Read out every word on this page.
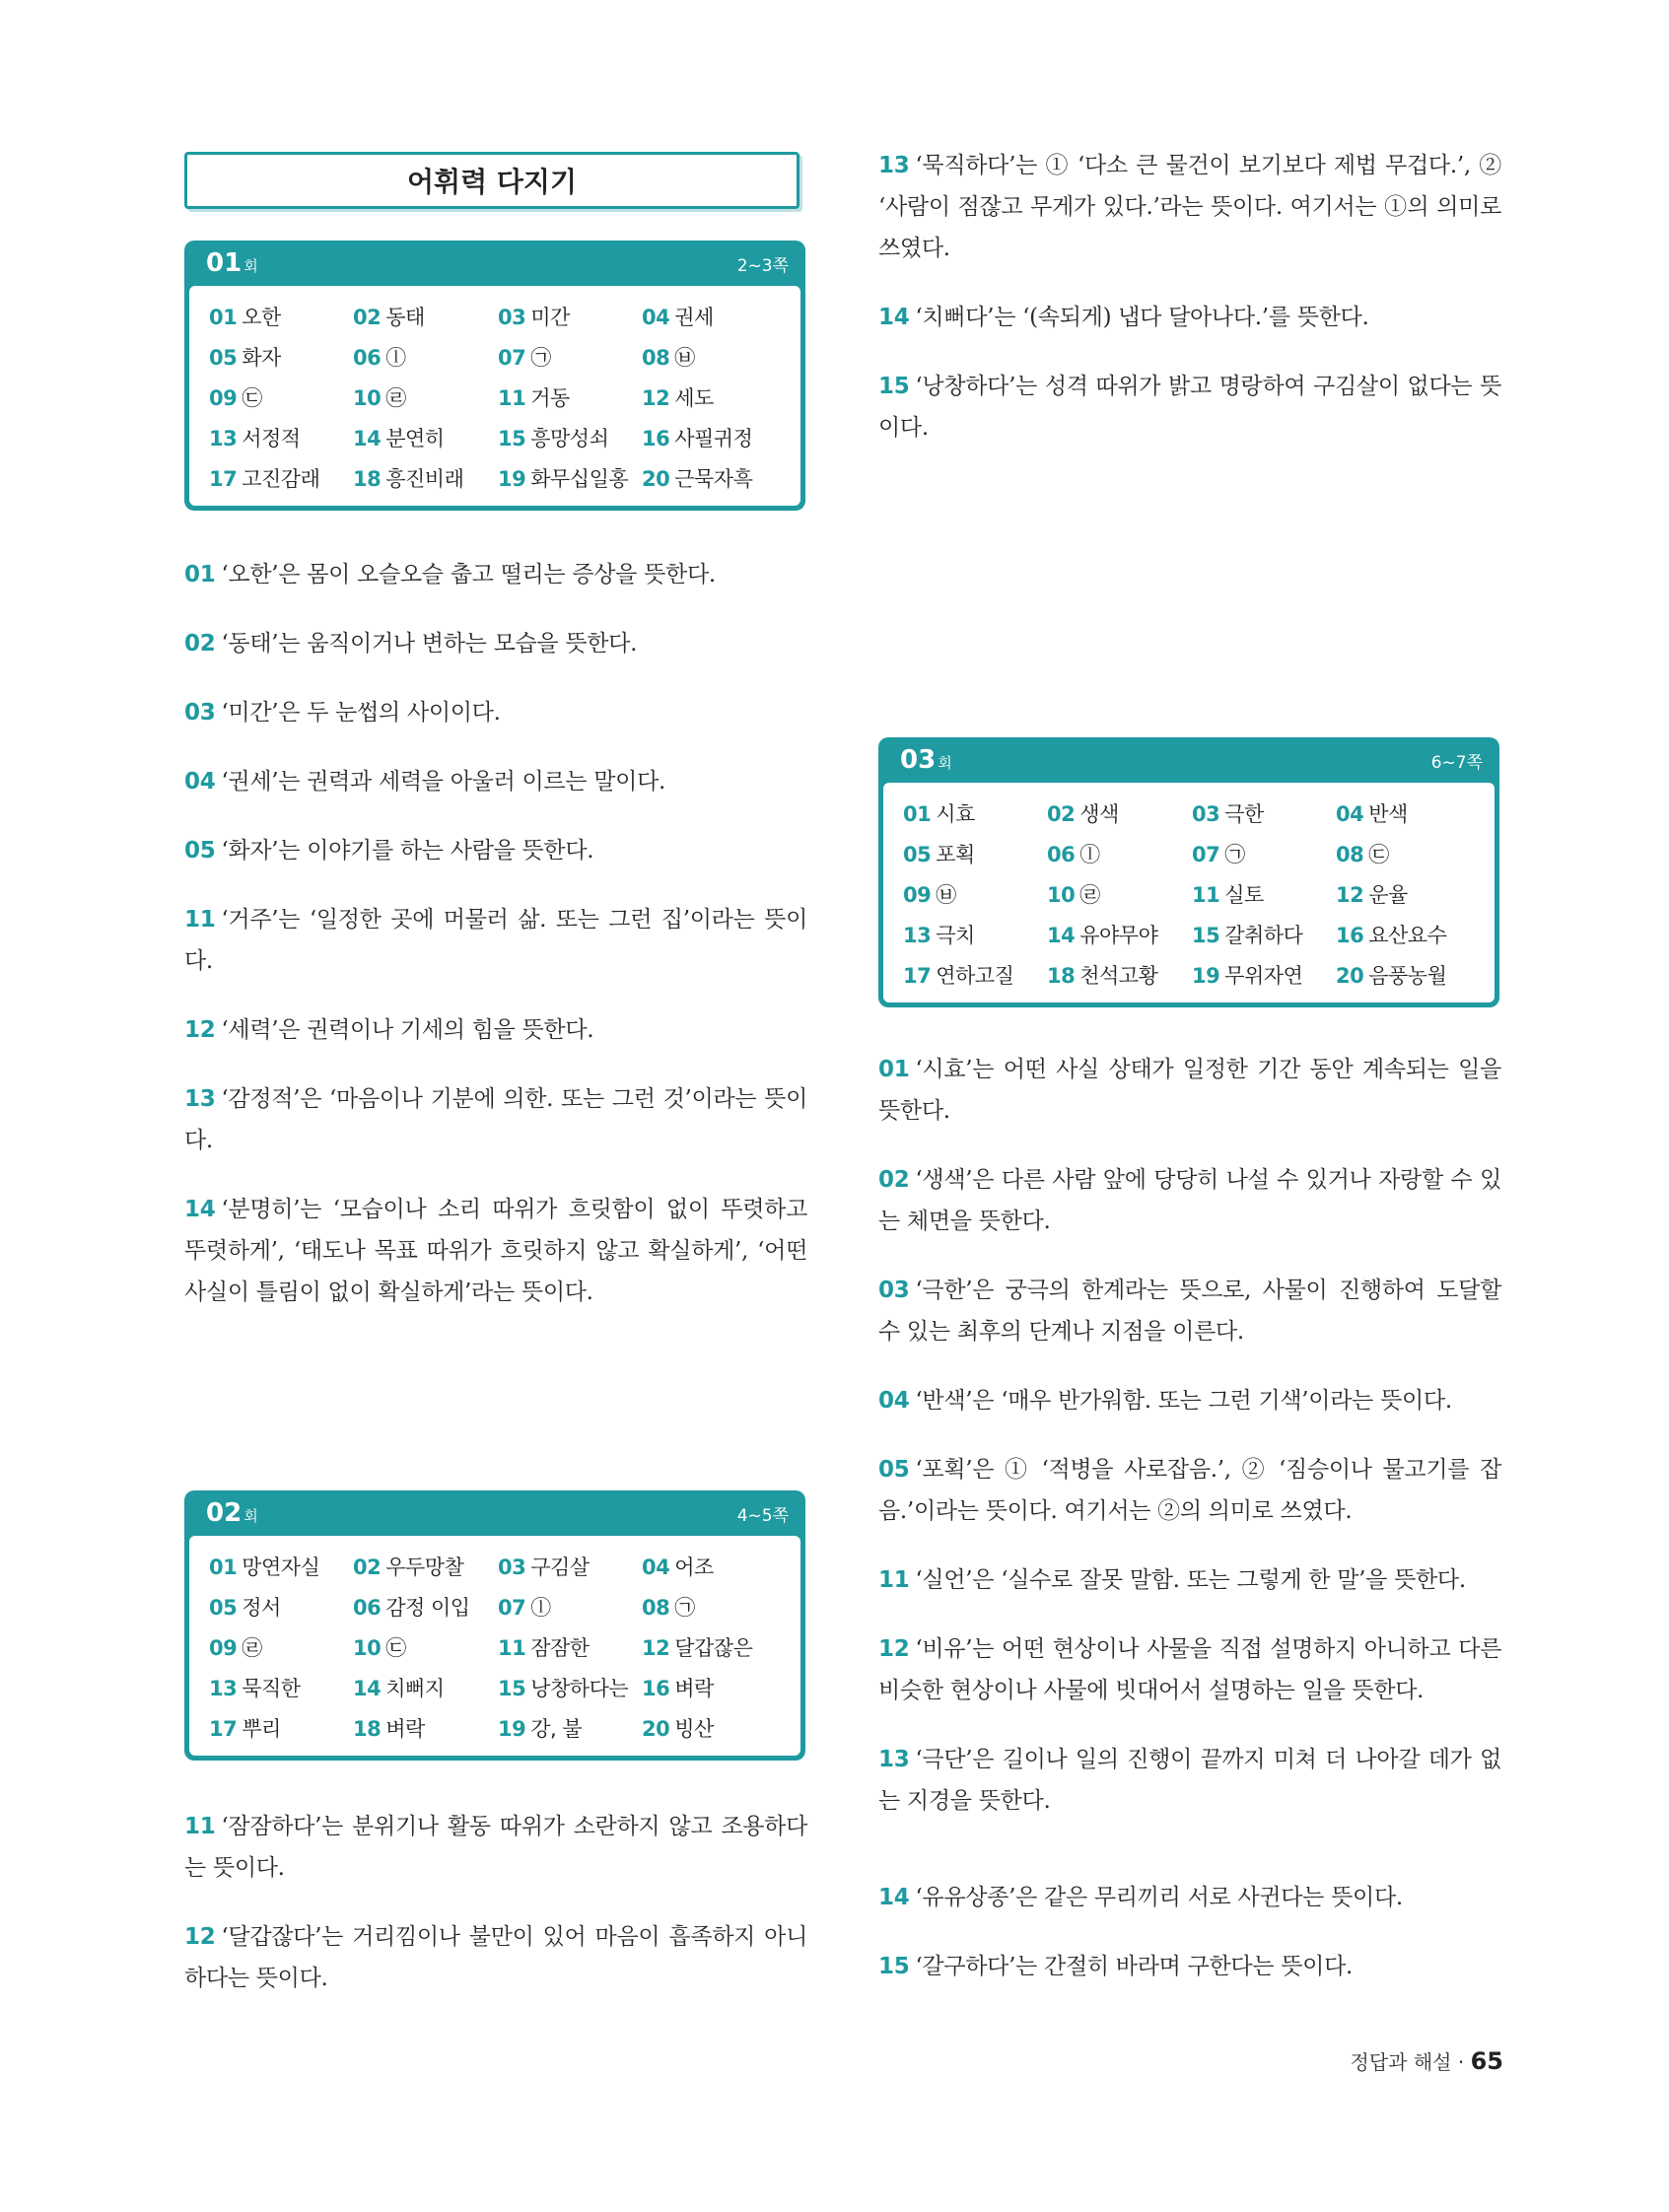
어휘력 다지기
01 회	2~3쪽
01 오한	02 동태	03 미간	04 권세
05 화자	06 ⓛ	07 ㉠	08 ㉥
09 ㉢	10 ㉣	11 거동	12 세도
13 서정적	14 분연히	15 흥망성쇠	16 사필귀정
17 고진감래	18 흥진비래	19 화무십일홍 20 근묵자흑
02 회	4~5쪽
01 망연자실	02 우두망찰	03 구김살	04 어조
05 정서	06 감정 이입	07 ⓛ	08 ㉠
09 ㉣	10 ㉢	11 잠잠한	12 달갑잖은
13 묵직한	14 치뻐지	15 낭창하다는 16 벼락
17 뿌리	18 벼락	19 강, 불	20 빙산
03 회	6~7쪽
01 시효	02 생색	03 극한	04 반색
05 포획	06 ⓛ	07 ㉠	08 ㉢
09 ㉥	10 ㉣	11 실토	12 운율
13 극치	14 유야무야	15 갈취하다	16 요산요수
17 연하고질	18 천석고황	19 무위자연	20 음풍농월
정답과 해설 · 65
01 ‘오한’은 몸이 오슬오슬 춥고 떨리는 증상을 뜻한다.
02 ‘동태’는 움직이거나 변하는 모습을 뜻한다.
03 ‘미간’은 두 눈썹의 사이이다.
04 ‘권세’는 권력과 세력을 아울러 이르는 말이다.
05 ‘화자’는 이야기를 하는 사람을 뜻한다.
11 ‘거주’는 ‘일정한 곳에 머물러 삶. 또는 그런 집’이라는 뜻이다.
12 ‘세력’은 권력이나 기세의 힘을 뜻한다.
13 ‘감정적’은 ‘마음이나 기분에 의한. 또는 그런 것’이라는 뜻이다.
14 ‘분명히’는 ‘모습이나 소리 따위가 흐릿함이 없이 뚜렷하고 뚜렷하게’, ‘태도나 목표 따위가 흐릿하지 않고 확실하게’, ‘어떤 사실이 틀림이 없이 확실하게’라는 뜻이다.
11 ‘잠잠하다’는 분위기나 활동 따위가 소란하지 않고 조용하다는 뜻이다.
12 ‘달갑잖다’는 거리낌이나 불만이 있어 마음이 흡족하지 아니하다는 뜻이다.
13 ‘묵직하다’는 ① ‘다소 큰 물건이 보기보다 제법 무겁다.’, ② ‘사람이 점잖고 무게가 있다.’라는 뜻이다. 여기서는 ①의 의미로 쓰였다.
14 ‘치뻐다’는 ‘(속되게) 냅다 달아나다.’를 뜻한다.
15 ‘낭창하다’는 성격 따위가 밝고 명랑하여 구김살이 없다는 뜻이다.
01 ‘시효’는 어떤 사실 상태가 일정한 기간 동안 계속되는 일을 뜻한다.
02 ‘생색’은 다른 사람 앞에 당당히 나설 수 있거나 자랑할 수 있는 체면을 뜻한다.
03 ‘극한’은 궁극의 한계라는 뜻으로, 사물이 진행하여 도달할 수 있는 최후의 단계나 지점을 이른다.
04 ‘반색’은 ‘매우 반가워함. 또는 그런 기색’이라는 뜻이다.
05 ‘포획’은 ① ‘적병을 사로잡음.’, ② ‘짐승이나 물고기를 잡음.’이라는 뜻이다. 여기서는 ②의 의미로 쓰였다.
11 ‘실언’은 ‘실수로 잘못 말함. 또는 그렇게 한 말’을 뜻한다.
12 ‘비유’는 어떤 현상이나 사물을 직접 설명하지 아니하고 다른 비슷한 현상이나 사물에 빗대어서 설명하는 일을 뜻한다.
13 ‘극단’은 길이나 일의 진행이 끝까지 미쳐 더 나아갈 데가 없는 지경을 뜻한다.
14 ‘유유상종’은 같은 무리끼리 서로 사귄다는 뜻이다.
15 ‘갈구하다’는 간절히 바라며 구한다는 뜻이다.
